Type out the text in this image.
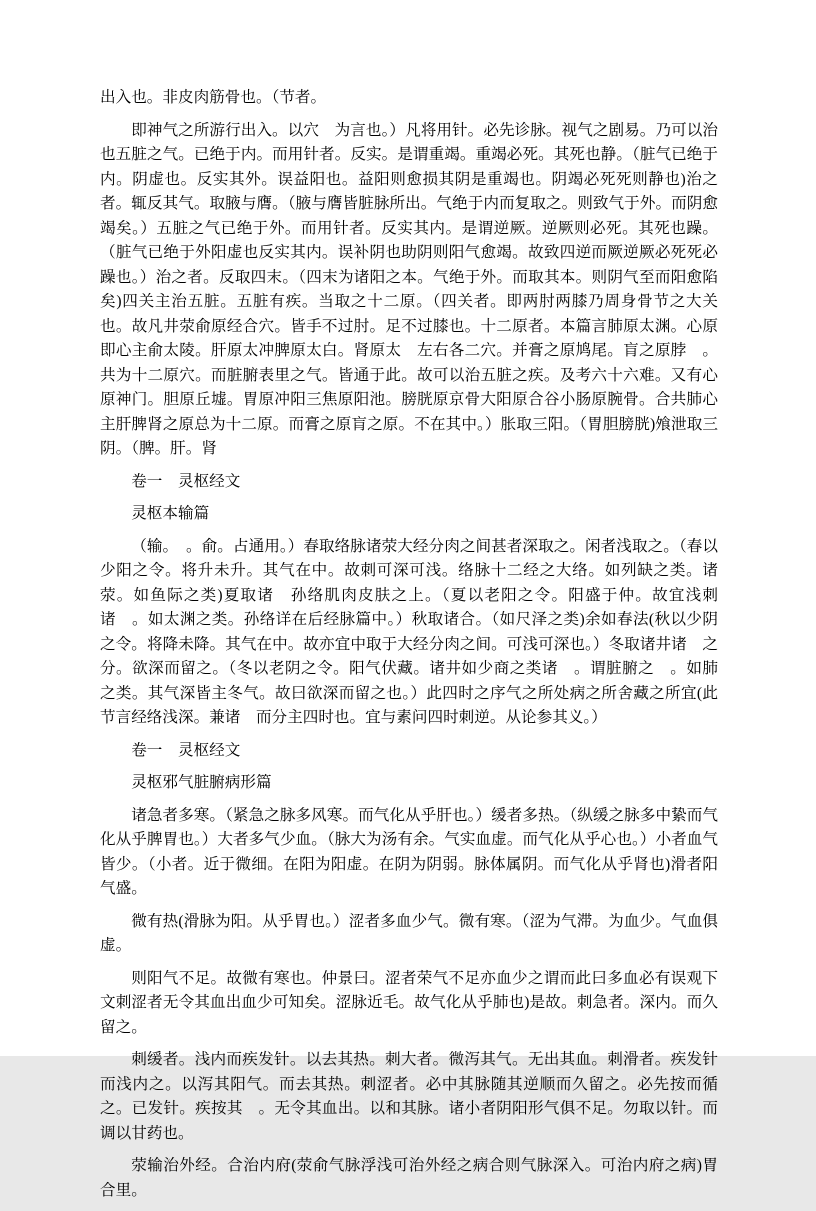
出入也。非皮肉筋骨也。（节者。

即神气之所游行出入。以穴　为言也。）凡将用针。必先诊脉。视气之剧易。乃可以治也五脏之气。已绝于内。而用针者。反实。是谓重竭。重竭必死。其死也静。（脏气已绝于内。阴虚也。反实其外。误益阳也。益阳则愈损其阴是重竭也。阴竭必死死则静也)治之者。辄反其气。取腋与膺。（腋与膺皆脏脉所出。气绝于内而复取之。则致气于外。而阴愈竭矣。）五脏之气已绝于外。而用针者。反实其内。是谓逆厥。逆厥则必死。其死也躁。（脏气已绝于外阳虚也反实其内。误补阴也助阴则阳气愈竭。故致四逆而厥逆厥必死死必躁也。）治之者。反取四末。（四末为诸阳之本。气绝于外。而取其本。则阴气至而阳愈陷矣)四关主治五脏。五脏有疾。当取之十二原。（四关者。即两肘两膝乃周身骨节之大关也。故凡井荥俞原经合穴。皆手不过肘。足不过膝也。十二原者。本篇言肺原太渊。心原即心主俞太陵。肝原太冲脾原太白。肾原太　左右各二穴。并膏之原鸠尾。肓之原脖　。共为十二原穴。而脏腑表里之气。皆通于此。故可以治五脏之疾。及考六十六难。又有心原神门。胆原丘墟。胃原冲阳三焦原阳池。膀胱原京骨大阳原合谷小肠原腕骨。合共肺心主肝脾肾之原总为十二原。而膏之原肓之原。不在其中。）胀取三阳。（胃胆膀胱)飧泄取三阴。（脾。肝。肾

卷一　灵枢经文

灵枢本输篇

（输。　。俞。占通用。）春取络脉诸荥大经分肉之间甚者深取之。闲者浅取之。（春以少阳之令。将升未升。其气在中。故刺可深可浅。络脉十二经之大络。如列缺之类。诸荥。如鱼际之类)夏取诸　孙络肌肉皮肤之上。（夏以老阳之令。阳盛于仲。故宜浅刺诸　。如太渊之类。孙络详在后经脉篇中。）秋取诸合。（如尺泽之类)余如春法(秋以少阴之令。将降未降。其气在中。故亦宜中取于大经分肉之间。可浅可深也。）冬取诸井诸　之分。欲深而留之。（冬以老阴之令。阳气伏藏。诸井如少商之类诸　。谓脏腑之　。如肺　之类。其气深皆主冬气。故曰欲深而留之也。）此四时之序气之所处病之所舍藏之所宜(此节言经络浅深。兼诸　而分主四时也。宜与素问四时刺逆。从论参其义。）

卷一　灵枢经文

灵枢邪气脏腑病形篇

诸急者多寒。（紧急之脉多风寒。而气化从乎肝也。）缓者多热。（纵缓之脉多中絷而气化从乎脾胃也。）大者多气少血。（脉大为汤有余。气实血虚。而气化从乎心也。）小者血气皆少。（小者。近于微细。在阳为阳虚。在阴为阴弱。脉体属阴。而气化从乎肾也)滑者阳气盛。

微有热(滑脉为阳。从乎胃也。）涩者多血少气。微有寒。（涩为气滞。为血少。气血俱虚。

则阳气不足。故微有寒也。仲景曰。涩者荣气不足亦血少之谓而此曰多血必有误观下文刺涩者无令其血出血少可知矣。涩脉近毛。故气化从乎肺也)是故。刺急者。深内。而久留之。

刺缓者。浅内而疾发针。以去其热。刺大者。微泻其气。无出其血。刺滑者。疾发针而浅内之。以泻其阳气。而去其热。刺涩者。必中其脉随其逆顺而久留之。必先按而循之。已发针。疾按其　。无令其血出。以和其脉。诸小者阴阳形气俱不足。勿取以针。而调以甘药也。

荥输治外经。合治内府(荥俞气脉浮浅可治外经之病合则气脉深入。可治内府之病)胃合里。
